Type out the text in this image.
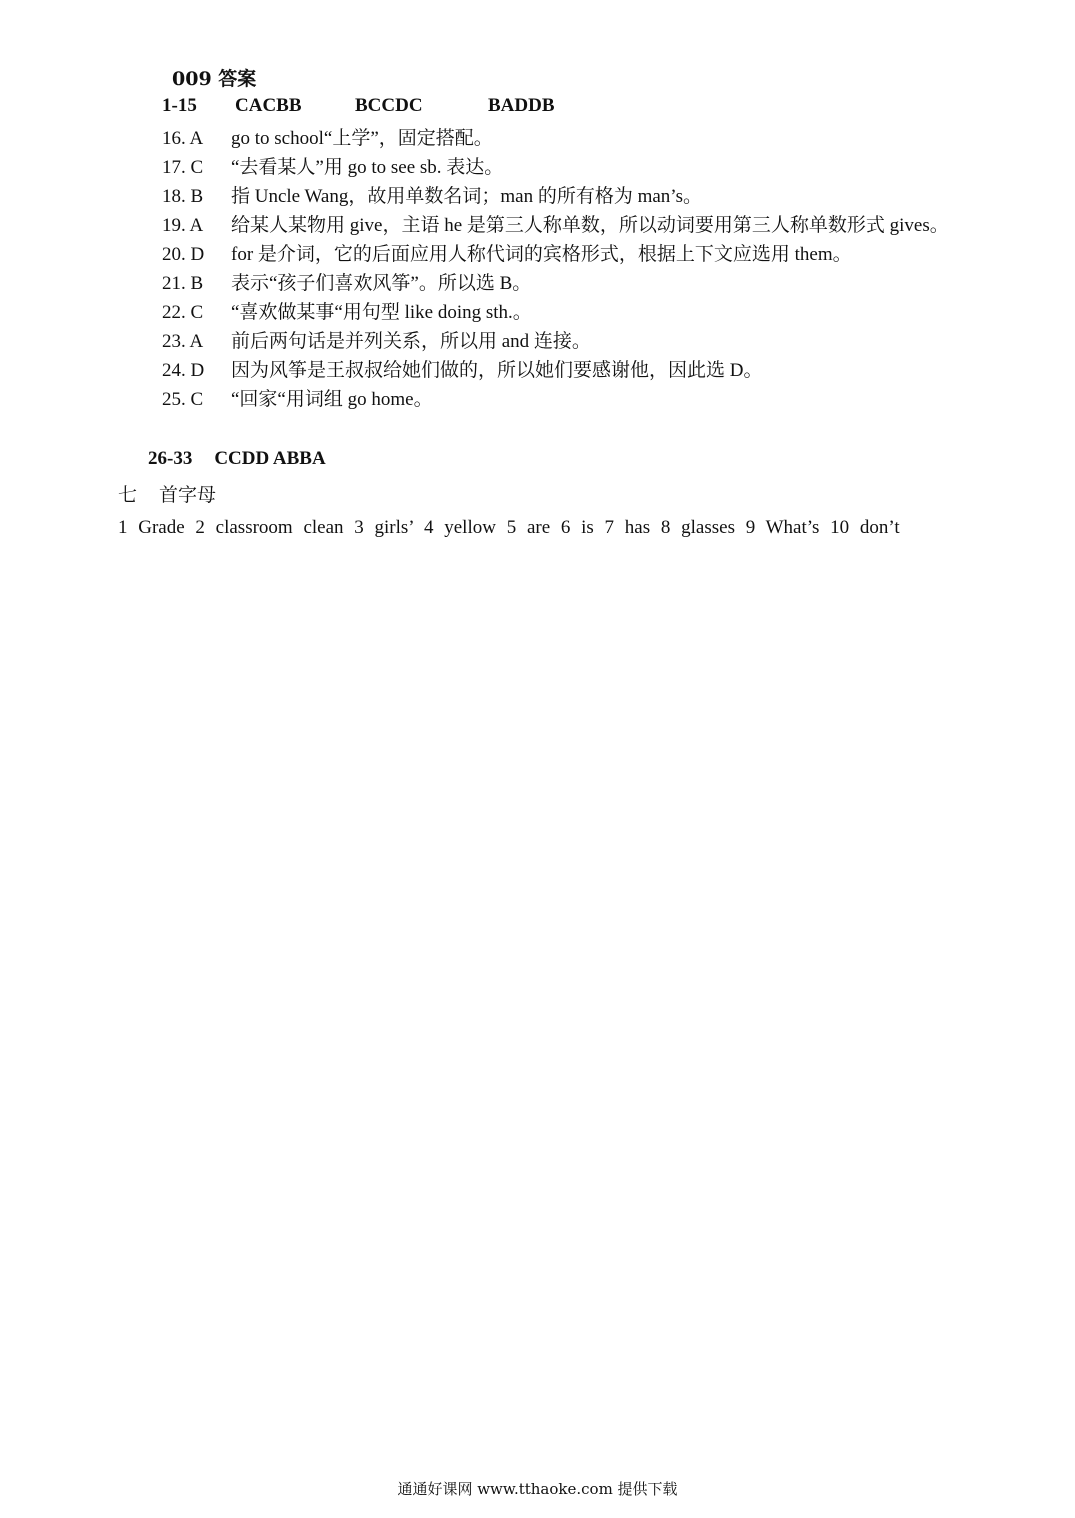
009 答案
1-15 CACBB	BCCDC	BADDB
16. A go to school“上学”，固定搭配。
17. C “去看某人”用 go to see sb. 表达。
18. B 指 Uncle Wang，故用单数名词；man 的所有格为 man’s。
19. A 给某人某物用 give，主语 he 是第三人称单数，所以动词要用第三人称单数形式 gives。
20. D for 是介词，它的后面应用人称代词的宾格形式，根据上下文应选用 them。
21. B 表示“孩子们喜欢风筝”。所以选 B。
22. C “喜欢做某事“用句型 like doing sth.。
23. A 前后两句话是并列关系，所以用 and 连接。
24. D 因为风筝是王叔叔给她们做的，所以她们要感谢他，因此选 D。
25. C “回家“用词组 go home。
26-33 CCDD ABBA
七 首字母
1 Grade 2 classroom clean 3 girls’ 4 yellow 5 are 6 is 7 has 8 glasses 9 What’s 10 don’t
通通好课网 www.tthaoke.com 提供下载
